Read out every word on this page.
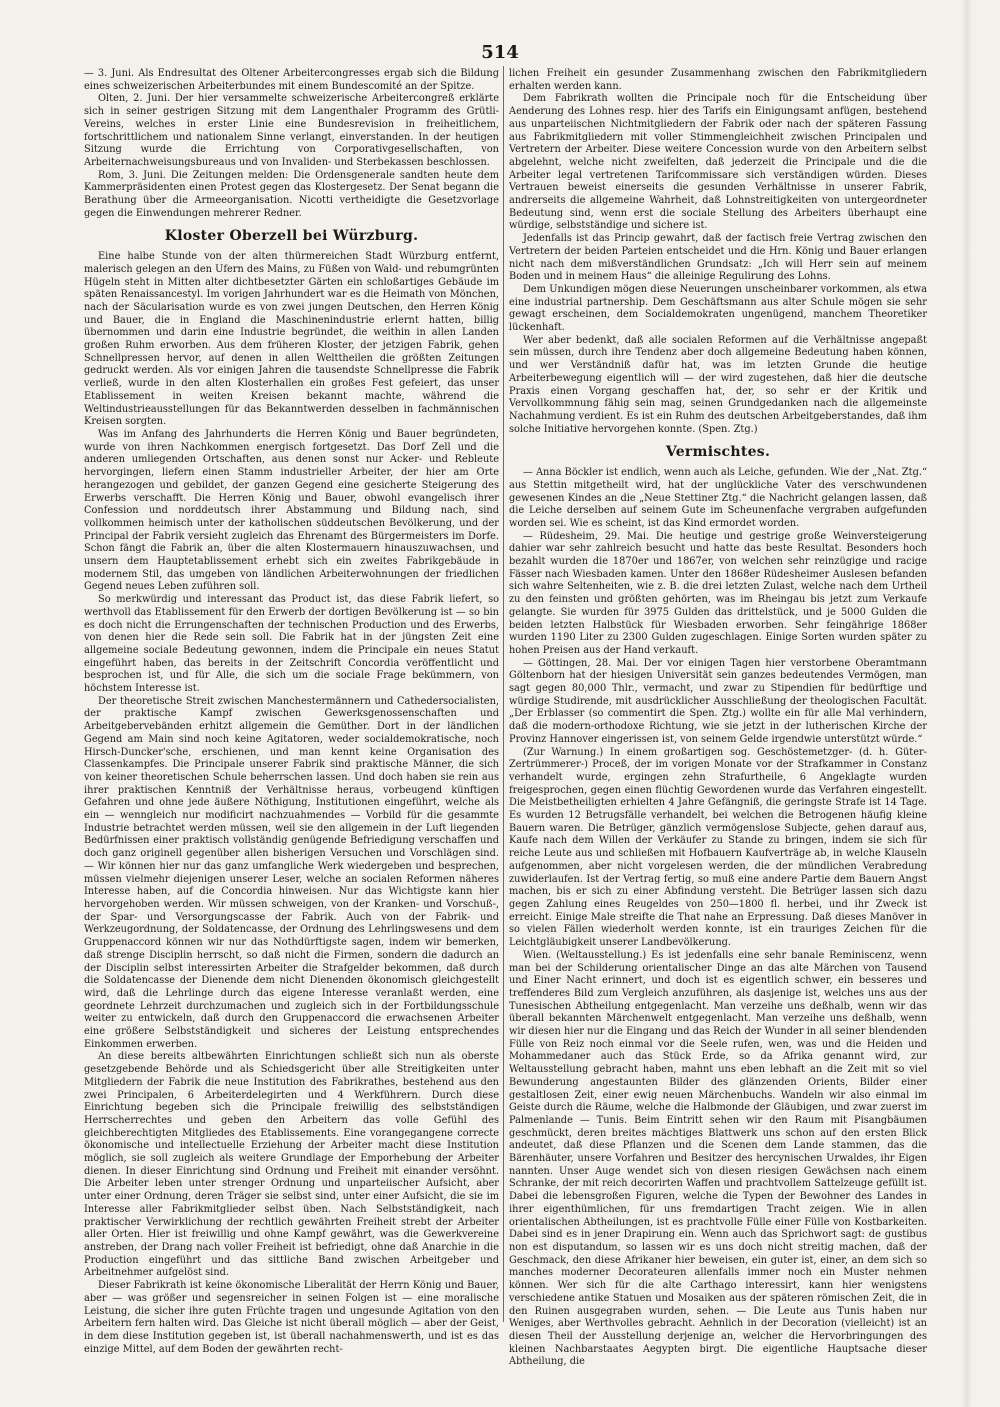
514

— 3. Juni. Als Endresultat des Oltener Arbeitercongresses ergab sich die Bildung eines schweizerischen Arbeiterbundes mit einem Bundescomité an der Spitze.

Olten, 2. Juni. Der hier versammelte schweizerische Arbeitercongreß erklärte sich in seiner gestrigen Sitzung mit dem Langenthaler Programm des Grütli-Vereins, welches in erster Linie eine Bundesrevision in freiheitlichem, fortschrittlichem und nationalem Sinne verlangt, einverstanden. In der heutigen Sitzung wurde die Errichtung von Corporativgesellschaften, von Arbeiternachweisungsbureaus und von Invaliden- und Sterbekassen beschlossen.

Rom, 3. Juni. Die Zeitungen melden: Die Ordensgenerale sandten heute dem Kammerpräsidenten einen Protest gegen das Klostergesetz. Der Senat begann die Berathung über die Armeeorganisation. Nicotti vertheidigte die Gesetzvorlage gegen die Einwendungen mehrerer Redner.

Kloster Oberzell bei Würzburg.

Eine halbe Stunde von der alten thürmereichen Stadt Würzburg entfernt, malerisch gelegen an den Ufern des Mains, zu Füßen von Wald- und rebumgrünten Hügeln steht in Mitten alter dichtbesetzter Gärten ein schloßartiges Gebäude im späten Renaissancestyl. Im vorigen Jahrhundert war es die Heimath von Mönchen, nach der Säcularisation wurde es von zwei jungen Deutschen, den Herren König und Bauer, die in England die Maschinenindustrie erlernt hatten, billig übernommen und darin eine Industrie begründet, die weithin in allen Landen großen Ruhm erworben. Aus dem früheren Kloster, der jetzigen Fabrik, gehen Schnellpressen hervor, auf denen in allen Welttheilen die größten Zeitungen gedruckt werden. Als vor einigen Jahren die tausendste Schnellpresse die Fabrik verließ, wurde in den alten Klosterhallen ein großes Fest gefeiert, das unser Etablissement in weiten Kreisen bekannt machte, während die Weltindustrieausstellungen für das Bekanntwerden desselben in fachmännischen Kreisen sorgten.

Was im Anfang des Jahrhunderts die Herren König und Bauer begründeten, wurde von ihren Nachkommen energisch fortgesetzt. Das Dorf Zell und die anderen umliegenden Ortschaften, aus denen sonst nur Acker- und Rebleute hervorgingen, liefern einen Stamm industrieller Arbeiter, der hier am Orte herangezogen und gebildet, der ganzen Gegend eine gesicherte Steigerung des Erwerbs verschafft. Die Herren König und Bauer, obwohl evangelisch ihrer Confession und norddeutsch ihrer Abstammung und Bildung nach, sind vollkommen heimisch unter der katholischen süddeutschen Bevölkerung, und der Principal der Fabrik versieht zugleich das Ehrenamt des Bürgermeisters im Dorfe. Schon fängt die Fabrik an, über die alten Klostermauern hinauszuwachsen, und unsern dem Hauptetablissement erhebt sich ein zweites Fabrikgebäude in modernem Stil, das umgeben von ländlichen Arbeiterwohnungen der friedlichen Gegend neues Leben zuführen soll.

So merkwürdig und interessant das Product ist, das diese Fabrik liefert, so werthvoll das Etablissement für den Erwerb der dortigen Bevölkerung ist — so bin es doch nicht die Errungenschaften der technischen Production und des Erwerbs, von denen hier die Rede sein soll. Die Fabrik hat in der jüngsten Zeit eine allgemeine sociale Bedeutung gewonnen, indem die Principale ein neues Statut eingeführt haben, das bereits in der Zeitschrift Concordia veröffentlicht und besprochen ist, und für Alle, die sich um die sociale Frage bekümmern, von höchstem Interesse ist.

Der theoretische Streit zwischen Manchestermännern und Cathedersocialisten, der praktische Kampf zwischen Gewerksgenossenschaften und Arbeitgebervebänden erhitzt allgemein die Gemüther. Dort in der ländlichen Gegend am Main sind noch keine Agitatoren, weder socialdemokratische, noch Hirsch-Duncker'sche, erschienen, und man kennt keine Organisation des Classenkampfes. Die Principale unserer Fabrik sind praktische Männer, die sich von keiner theoretischen Schule beherrschen lassen. Und doch haben sie rein aus ihrer praktischen Kenntniß der Verhältnisse heraus, vorbeugend künftigen Gefahren und ohne jede äußere Nöthigung, Institutionen eingeführt, welche als ein — wenngleich nur modificirt nachzuahmendes — Vorbild für die gesammte Industrie betrachtet werden müssen, weil sie den allgemein in der Luft liegenden Bedürfnissen einer praktisch vollständig genügende Befriedigung verschaffen und doch ganz originell gegenüber allen bisherigen Versuchen und Vorschlägen sind. — Wir können hier nur das ganz umfangliche Werk wiedergeben und besprechen, müssen vielmehr diejenigen unserer Leser, welche an socialen Reformen näheres Interesse haben, auf die Concordia hinweisen. Nur das Wichtigste kann hier hervorgehoben werden. Wir müssen schweigen, von der Kranken- und Vorschuß-, der Spar- und Versorgungscasse der Fabrik. Auch von der Fabrik- und Werkzeugordnung, der Soldatencasse, der Ordnung des Lehrlingswesens und dem Gruppenaccord können wir nur das Nothdürftigste sagen, indem wir bemerken, daß strenge Disciplin herrscht, so daß nicht die Firmen, sondern die dadurch an der Disciplin selbst interessirten Arbeiter die Strafgelder bekommen, daß durch die Soldatencasse der Dienende dem nicht Dienenden ökonomisch gleichgestellt wird, daß die Lehrlinge durch das eigene Interesse veranlaßt werden, eine geordnete Lehrzeit durchzumachen und zugleich sich in der Fortbildungsschule weiter zu entwickeln, daß durch den Gruppenaccord die erwachsenen Arbeiter eine größere Selbstständigkeit und sicheres der Leistung entsprechendes Einkommen erwerben.

An diese bereits altbewährten Einrichtungen schließt sich nun als oberste gesetzgebende Behörde und als Schiedsgericht über alle Streitigkeiten unter Mitgliedern der Fabrik die neue Institution des Fabrikrathes, bestehend aus den zwei Principalen, 6 Arbeiterdelegirten und 4 Werkführern. Durch diese Einrichtung begeben sich die Principale freiwillig des selbstständigen Herrscherrechtes und geben den Arbeitern das volle Gefühl des gleichberechtigten Mitgliedes des Etablissements. Eine vorangegangene correcte ökonomische und intellectuelle Erziehung der Arbeiter macht diese Institution möglich, sie soll zugleich als weitere Grundlage der Emporhebung der Arbeiter dienen. In dieser Einrichtung sind Ordnung und Freiheit mit einander versöhnt. Die Arbeiter leben unter strenger Ordnung und unparteiischer Aufsicht, aber unter einer Ordnung, deren Träger sie selbst sind, unter einer Aufsicht, die sie im Interesse aller Fabrikmitglieder selbst üben. Nach Selbstständigkeit, nach praktischer Verwirklichung der rechtlich gewährten Freiheit strebt der Arbeiter aller Orten. Hier ist freiwillig und ohne Kampf gewährt, was die Gewerkvereine anstreben, der Drang nach voller Freiheit ist befriedigt, ohne daß Anarchie in die Production eingeführt und das sittliche Band zwischen Arbeitgeber und Arbeitnehmer aufgelöst sind.

Dieser Fabrikrath ist keine ökonomische Liberalität der Herrn König und Bauer, aber — was größer und segensreicher in seinen Folgen ist — eine moralische Leistung, die sicher ihre guten Früchte tragen und ungesunde Agitation von den Arbeitern fern halten wird. Das Gleiche ist nicht überall möglich — aber der Geist, in dem diese Institution gegeben ist, ist überall nachahmenswerth, und ist es das einzige Mittel, auf dem Boden der gewährten recht-

lichen Freiheit ein gesunder Zusammenhang zwischen den Fabrikmitgliedern erhalten werden kann.

Dem Fabrikrath wollten die Principale noch für die Entscheidung über Aenderung des Lohnes resp. hier des Tarifs ein Einigungsamt anfügen, bestehend aus unparteiischen Nichtmitgliedern der Fabrik oder nach der späteren Fassung aus Fabrikmitgliedern mit voller Stimmengleichheit zwischen Principalen und Vertretern der Arbeiter. Diese weitere Concession wurde von den Arbeitern selbst abgelehnt, welche nicht zweifelten, daß jederzeit die Principale und die die Arbeiter legal vertretenen Tarifcommissare sich verständigen würden. Dieses Vertrauen beweist einerseits die gesunden Verhältnisse in unserer Fabrik, andrerseits die allgemeine Wahrheit, daß Lohnstreitigkeiten von untergeordneter Bedeutung sind, wenn erst die sociale Stellung des Arbeiters überhaupt eine würdige, selbstständige und sichere ist.

Jedenfalls ist das Princip gewahrt, daß der factisch freie Vertrag zwischen den Vertretern der beiden Parteien entscheidet und die Hrn. König und Bauer erlangen nicht nach dem mißverständlichen Grundsatz: „Ich will Herr sein auf meinem Boden und in meinem Haus“ die alleinige Regulirung des Lohns.

Dem Unkundigen mögen diese Neuerungen unscheinbarer vorkommen, als etwa eine industrial partnership. Dem Geschäftsmann aus alter Schule mögen sie sehr gewagt erscheinen, dem Socialdemokraten ungenügend, manchem Theoretiker lückenhaft.

Wer aber bedenkt, daß alle socialen Reformen auf die Verhältnisse angepaßt sein müssen, durch ihre Tendenz aber doch allgemeine Bedeutung haben können, und wer Verständniß dafür hat, was im letzten Grunde die heutige Arbeiterbewegung eigentlich will — der wird zugestehen, daß hier die deutsche Praxis einen Vorgang geschaffen hat, der, so sehr er der Kritik und Vervollkommnung fähig sein mag, seinen Grundgedanken nach die allgemeinste Nachahmung verdient. Es ist ein Ruhm des deutschen Arbeitgeberstandes, daß ihm solche Initiative hervorgehen konnte. (Spen. Ztg.)

Vermischtes.

— Anna Böckler ist endlich, wenn auch als Leiche, gefunden. Wie der „Nat. Ztg.“ aus Stettin mitgetheilt wird, hat der unglückliche Vater des verschwundenen gewesenen Kindes an die „Neue Stettiner Ztg.“ die Nachricht gelangen lassen, daß die Leiche derselben auf seinem Gute im Scheunenfache vergraben aufgefunden worden sei. Wie es scheint, ist das Kind ermordet worden.

— Rüdesheim, 29. Mai. Die heutige und gestrige große Weinversteigerung dahier war sehr zahlreich besucht und hatte das beste Resultat. Besonders hoch bezahlt wurden die 1870er und 1867er, von welchen sehr reinzügige und racige Fässer nach Wiesbaden kamen. Unter den 1868er Rüdesheimer Auslesen befanden sich wahre Seltenheiten, wie z. B. die drei letzten Zulast, welche nach dem Urtheil zu den feinsten und größten gehörten, was im Rheingau bis jetzt zum Verkaufe gelangte. Sie wurden für 3975 Gulden das drittelstück, und je 5000 Gulden die beiden letzten Halbstück für Wiesbaden erworben. Sehr feingährige 1868er wurden 1190 Liter zu 2300 Gulden zugeschlagen. Einige Sorten wurden später zu hohen Preisen aus der Hand verkauft.

— Göttingen, 28. Mai. Der vor einigen Tagen hier verstorbene Oberamtmann Göltenborn hat der hiesigen Universität sein ganzes bedeutendes Vermögen, man sagt gegen 80,000 Thlr., vermacht, und zwar zu Stipendien für bedürftige und würdige Studirende, mit ausdrücklicher Ausschließung der theologischen Facultät. „Der Erblasser (so commentirt die Spen. Ztg.) wollte ein für alle Mal verhindern, daß die modern-orthodoxe Richtung, wie sie jetzt in der lutherischen Kirche der Provinz Hannover eingerissen ist, von seinem Gelde irgendwie unterstützt würde.“

(Zur Warnung.) In einem großartigen sog. Geschöstemetzger- (d. h. Güter-Zertrümmerer-) Proceß, der im vorigen Monate vor der Strafkammer in Constanz verhandelt wurde, ergingen zehn Strafurtheile, 6 Angeklagte wurden freigesprochen, gegen einen flüchtig Gewordenen wurde das Verfahren eingestellt. Die Meistbetheiligten erhielten 4 Jahre Gefängniß, die geringste Strafe ist 14 Tage. Es wurden 12 Betrugsfälle verhandelt, bei welchen die Betrogenen häufig kleine Bauern waren. Die Betrüger, gänzlich vermögenslose Subjecte, gehen darauf aus, Kaufe nach dem Willen der Verkäufer zu Stande zu bringen, indem sie sich für reiche Leute aus und schließen mit Hofbauern Kaufverträge ab, in welche Klauseln aufgenommen, aber nicht vorgelesen werden, die der mündlichen Verabredung zuwiderlaufen. Ist der Vertrag fertig, so muß eine andere Partie dem Bauern Angst machen, bis er sich zu einer Abfindung versteht. Die Betrüger lassen sich dazu gegen Zahlung eines Reugeldes von 250—1800 fl. herbei, und ihr Zweck ist erreicht. Einige Male streifte die That nahe an Erpressung. Daß dieses Manöver in so vielen Fällen wiederholt werden konnte, ist ein trauriges Zeichen für die Leichtgläubigkeit unserer Landbevölkerung.

Wien. (Weltausstellung.) Es ist jedenfalls eine sehr banale Reminiscenz, wenn man bei der Schilderung orientalischer Dinge an das alte Märchen von Tausend und Einer Nacht erinnert, und doch ist es eigentlich schwer, ein besseres und treffenderes Bild zum Vergleich anzuführen, als dasjenige ist, welches uns aus der Tunesischen Abtheilung entgegenlacht. Man verzeihe uns deßhalb, wenn wir das überall bekannten Märchenwelt entgegenlacht. Man verzeihe uns deßhalb, wenn wir diesen hier nur die Eingang und das Reich der Wunder in all seiner blendenden Fülle von Reiz noch einmal vor die Seele rufen, wen, was und die Heiden und Mohammedaner auch das Stück Erde, so da Afrika genannt wird, zur Weltausstellung gebracht haben, mahnt uns eben lebhaft an die Zeit mit so viel Bewunderung angestaunten Bilder des glänzenden Orients, Bilder einer gestaltlosen Zeit, einer ewig neuen Märchenbuchs. Wandeln wir also einmal im Geiste durch die Räume, welche die Halbmonde der Gläubigen, und zwar zuerst im Palmenlande — Tunis. Beim Eintritt sehen wir den Raum mit Pisangbäumen geschmückt, deren breites mächtiges Blattwerk uns schon auf den ersten Blick andeutet, daß diese Pflanzen und die Scenen dem Lande stammen, das die Bärenhäuter, unsere Vorfahren und Besitzer des hercynischen Urwaldes, ihr Eigen nannten. Unser Auge wendet sich von diesen riesigen Gewächsen nach einem Schranke, der mit reich decorirten Waffen und prachtvollem Sattelzeuge gefüllt ist. Dabei die lebensgroßen Figuren, welche die Typen der Bewohner des Landes in ihrer eigenthümlichen, für uns fremdartigen Tracht zeigen. Wie in allen orientalischen Abtheilungen, ist es prachtvolle Fülle einer Fülle von Kostbarkeiten. Dabei sind es in jener Drapirung ein. Wenn auch das Sprichwort sagt: de gustibus non est disputandum, so lassen wir es uns doch nicht streitig machen, daß der Geschmack, den diese Afrikaner hier beweisen, ein guter ist, einer, an dem sich so manches moderner Decorateuren allenfalls immer noch ein Muster nehmen können. Wer sich für die alte Carthago interessirt, kann hier wenigstens verschiedene antike Statuen und Mosaiken aus der späteren römischen Zeit, die in den Ruinen ausgegraben wurden, sehen. — Die Leute aus Tunis haben nur Weniges, aber Werthvolles gebracht. Aehnlich in der Decoration (vielleicht) ist an diesen Theil der Ausstellung derjenige an, welcher die Hervorbringungen des kleinen Nachbarstaates Aegypten birgt. Die eigentliche Hauptsache dieser Abtheilung, die
